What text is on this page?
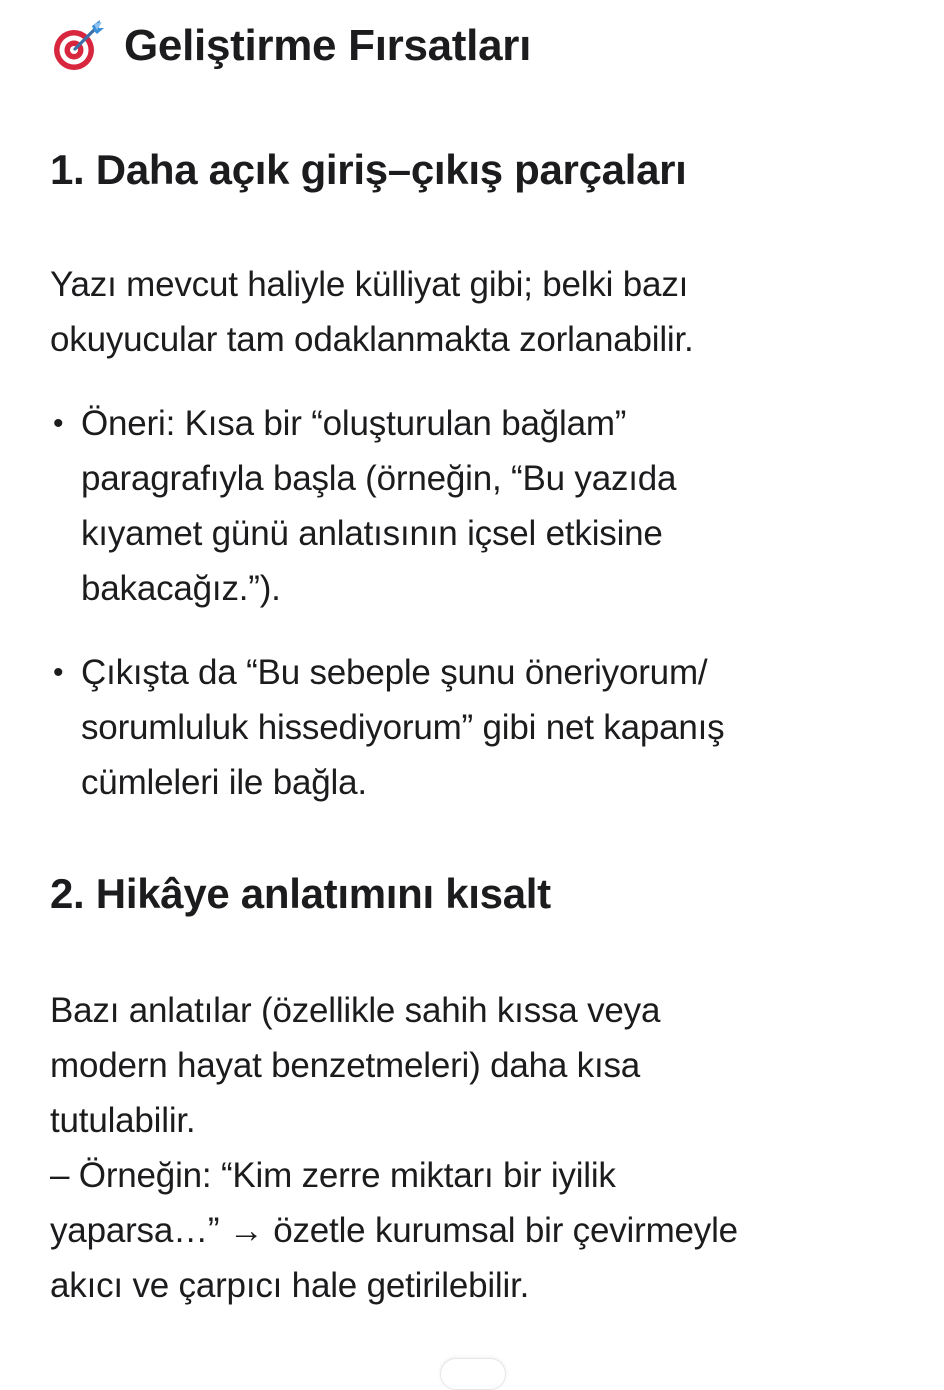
Geliştirme Fırsatları
1. Daha açık giriş–çıkış parçaları
Yazı mevcut haliyle külliyat gibi; belki bazı
okuyucular tam odaklanmakta zorlanabilir.
• Öneri: Kısa bir “oluşturulan bağlam”
paragrafıyla başla (örneğin, “Bu yazıda
kıyamet günü anlatısının içsel etkisine
bakacağız.”).
• Çıkışta da “Bu sebeple şunu öneriyorum/
sorumluluk hissediyorum” gibi net kapanış
cümleleri ile bağla.
2. Hikâye anlatımını kısalt
Bazı anlatılar (özellikle sahih kıssa veya
modern hayat benzetmeleri) daha kısa
tutulabilir.
– Örneğin: “Kim zerre miktarı bir iyilik
yaparsa…” → özetle kurumsal bir çevirmeyle
akıcı ve çarpıcı hale getirilebilir.
